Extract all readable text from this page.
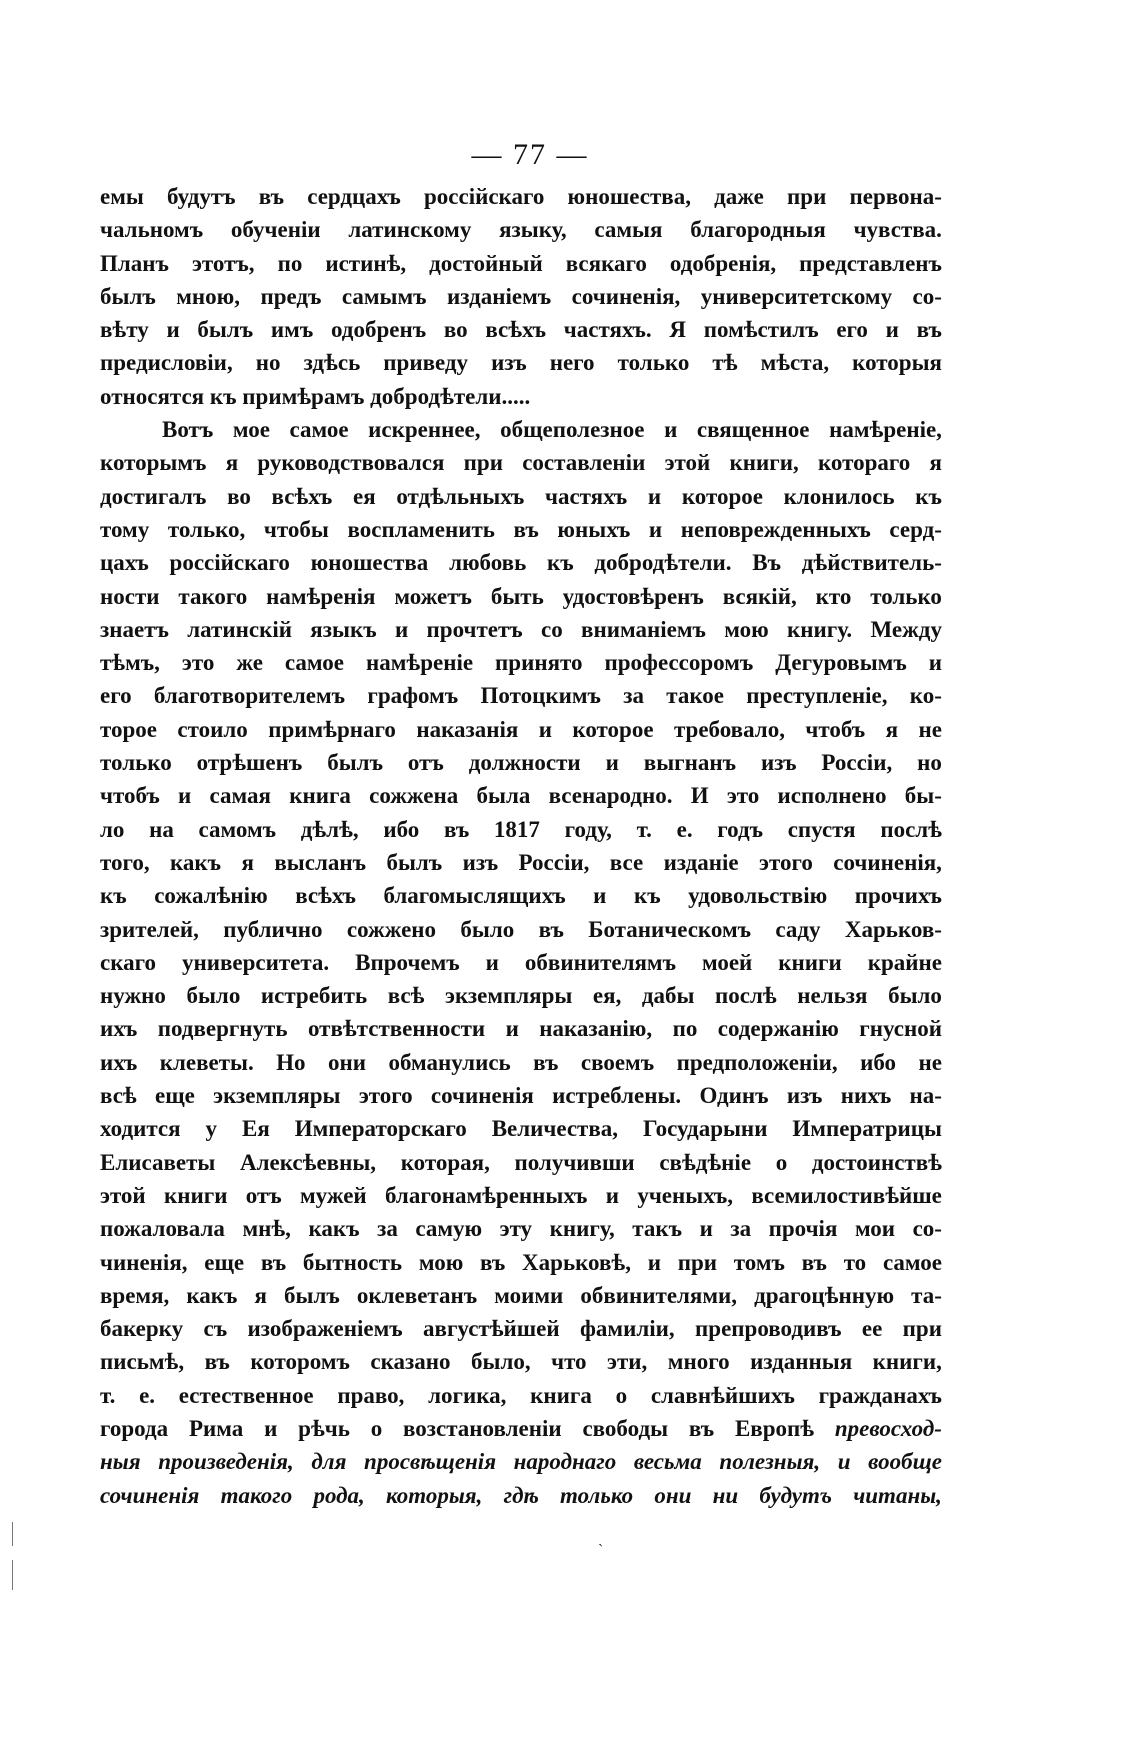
— 77 —
емы будутъ въ сердцахъ россійскаго юношества, даже при первона-
чальномъ обученіи латинскому языку, самыя благородныя чувства.
Планъ этотъ, по истинѣ, достойный всякаго одобренія, представленъ
былъ мною, предъ самымъ изданіемъ сочиненія, университетскому со-
вѣту и былъ имъ одобренъ во всѣхъ частяхъ. Я помѣстилъ его и въ
предисловіи, но здѣсь приведу изъ него только тѣ мѣста, которыя
относятся къ примѣрамъ добродѣтели.....
Вотъ мое самое искреннее, общеполезное и священное намѣреніе,
которымъ я руководствовался при составленіи этой книги, котораго я
достигалъ во всѣхъ ея отдѣльныхъ частяхъ и которое клонилось къ
тому только, чтобы воспламенить въ юныхъ и неповрежденныхъ серд-
цахъ россійскаго юношества любовь къ добродѣтели. Въ дѣйствитель-
ности такого намѣренія можетъ быть удостовѣренъ всякій, кто только
знаетъ латинскій языкъ и прочтетъ со вниманіемъ мою книгу. Между
тѣмъ, это же самое намѣреніе принято профессоромъ Дегуровымъ и
его благотворителемъ графомъ Потоцкимъ за такое преступленіе, ко-
торое стоило примѣрнаго наказанія и которое требовало, чтобъ я не
только отрѣшенъ былъ отъ должности и выгнанъ изъ Россіи, но
чтобъ и самая книга сожжена была всенародно. И это исполнено бы-
ло на самомъ дѣлѣ, ибо въ 1817 году, т. е. годъ спустя послѣ
того, какъ я высланъ былъ изъ Россіи, все изданіе этого сочиненія,
къ сожалѣнію всѣхъ благомыслящихъ и къ удовольствію прочихъ
зрителей, публично сожжено было въ Ботаническомъ саду Харьков-
скаго университета. Впрочемъ и обвинителямъ моей книги крайне
нужно было истребить всѣ экземпляры ея, дабы послѣ нельзя было
ихъ подвергнуть отвѣтственности и наказанію, по содержанію гнусной
ихъ клеветы. Но они обманулись въ своемъ предположеніи, ибо не
всѣ еще экземпляры этого сочиненія истреблены. Одинъ изъ нихъ на-
ходится у Ея Императорскаго Величества, Государыни Императрицы
Елисаветы Алексѣевны, которая, получивши свѣдѣніе о достоинствѣ
этой книги отъ мужей благонамѣренныхъ и ученыхъ, всемилостивѣйше
пожаловала мнѣ, какъ за самую эту книгу, такъ и за прочія мои со-
чиненія, еще въ бытность мою въ Харьковѣ, и при томъ въ то самое
время, какъ я былъ оклеветанъ моими обвинителями, драгоцѣнную та-
бакерку съ изображеніемъ августѣйшей фамиліи, препроводивъ ее при
письмѣ, въ которомъ сказано было, что эти, много изданныя книги,
т. е. естественное право, логика, книга о славнѣйшихъ гражданахъ
города Рима и рѣчь о возстановленіи свободы въ Европѣ превосход-
ныя произведенія, для просвѣщенія народнаго весьма полезныя, и вообще
сочиненія такого рода, которыя, гдѣ только они ни будутъ читаны,
ˎ
